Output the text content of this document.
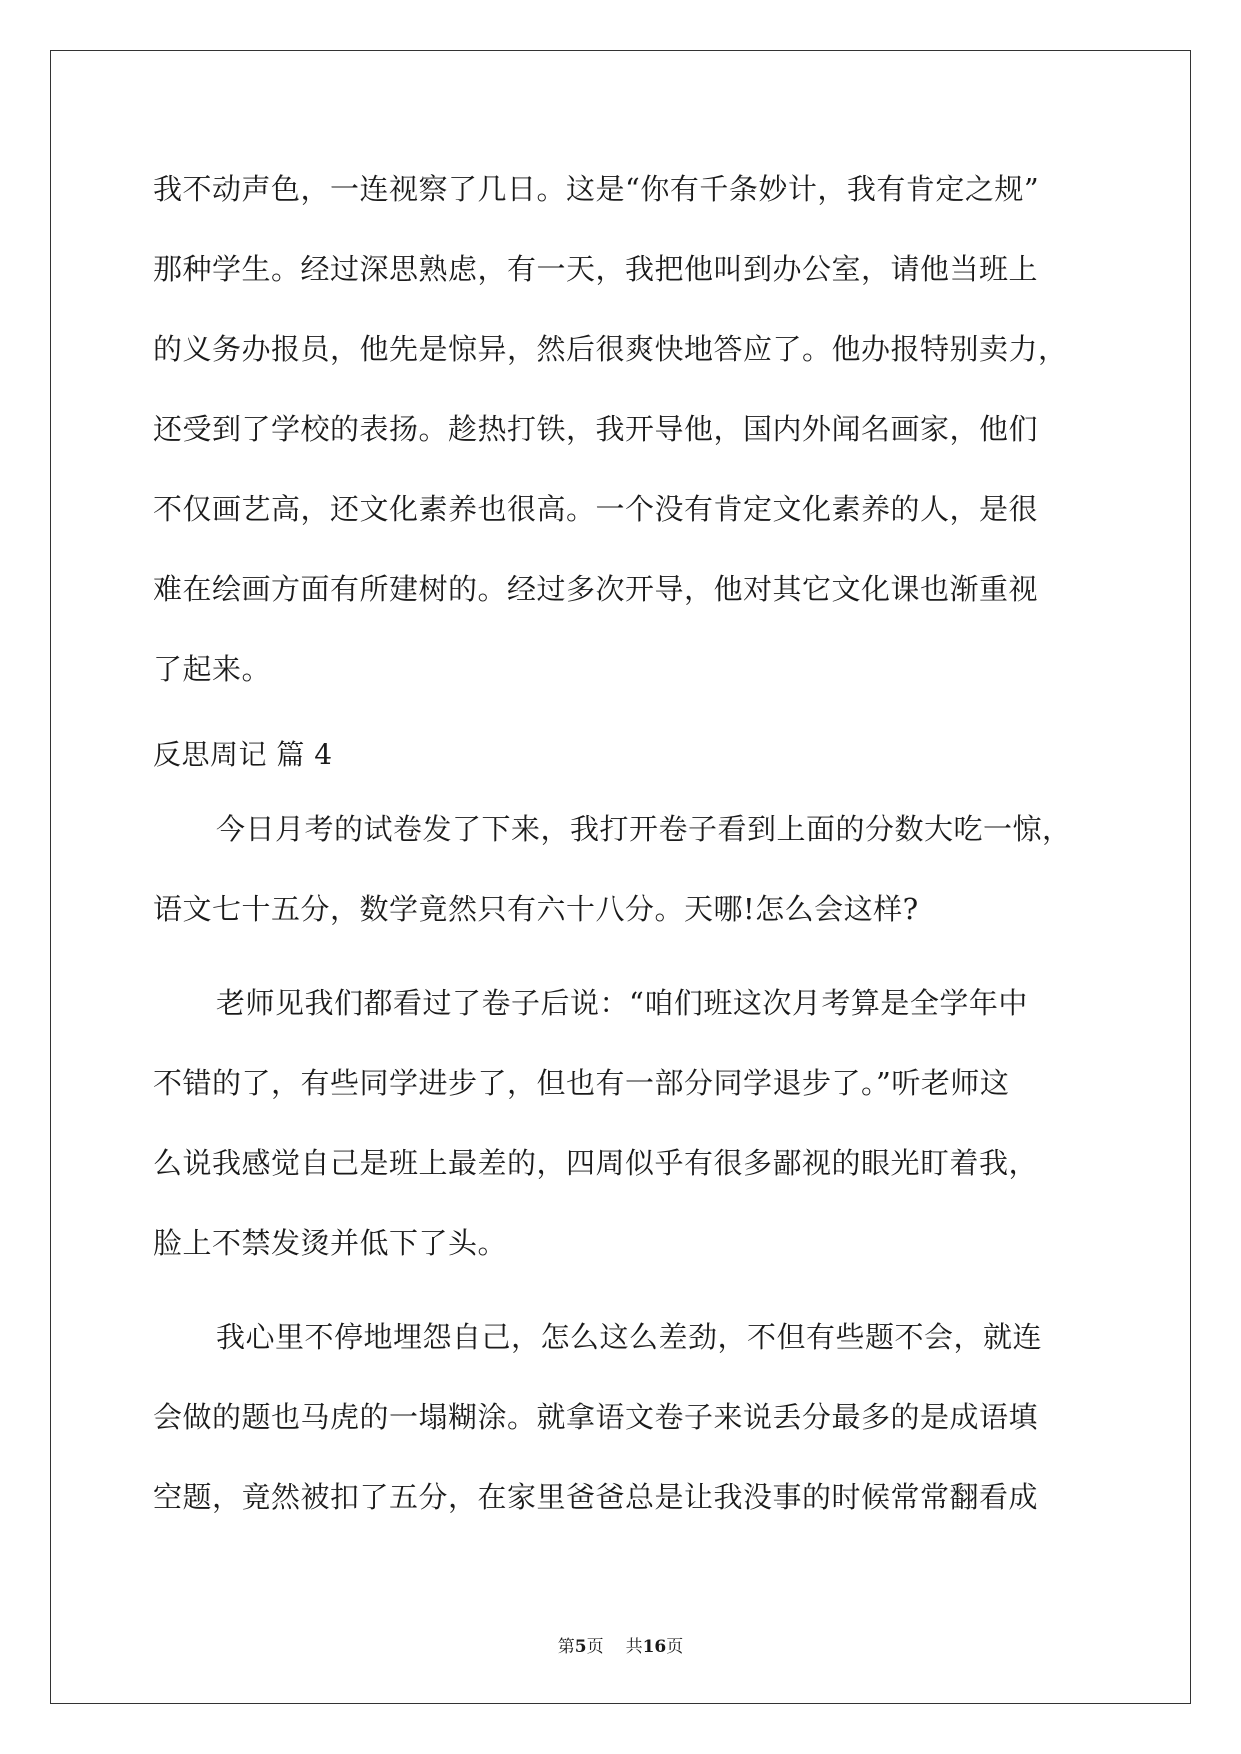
我不动声色，一连视察了几日。这是“你有千条妙计，我有肯定之规”
那种学生。经过深思熟虑，有一天，我把他叫到办公室，请他当班上
的义务办报员，他先是惊异，然后很爽快地答应了。他办报特别卖力，
还受到了学校的表扬。趁热打铁，我开导他，国内外闻名画家，他们
不仅画艺高，还文化素养也很高。一个没有肯定文化素养的人，是很
难在绘画方面有所建树的。经过多次开导，他对其它文化课也渐重视
了起来。
反思周记 篇 4
今日月考的试卷发了下来，我打开卷子看到上面的分数大吃一惊，
语文七十五分，数学竟然只有六十八分。天哪!怎么会这样?
老师见我们都看过了卷子后说：“咱们班这次月考算是全学年中
不错的了，有些同学进步了，但也有一部分同学退步了。”听老师这
么说我感觉自己是班上最差的，四周似乎有很多鄙视的眼光盯着我，
脸上不禁发烫并低下了头。
我心里不停地埋怨自己，怎么这么差劲，不但有些题不会，就连
会做的题也马虎的一塌糊涂。就拿语文卷子来说丢分最多的是成语填
空题，竟然被扣了五分，在家里爸爸总是让我没事的时候常常翻看成
第5页 共16页
